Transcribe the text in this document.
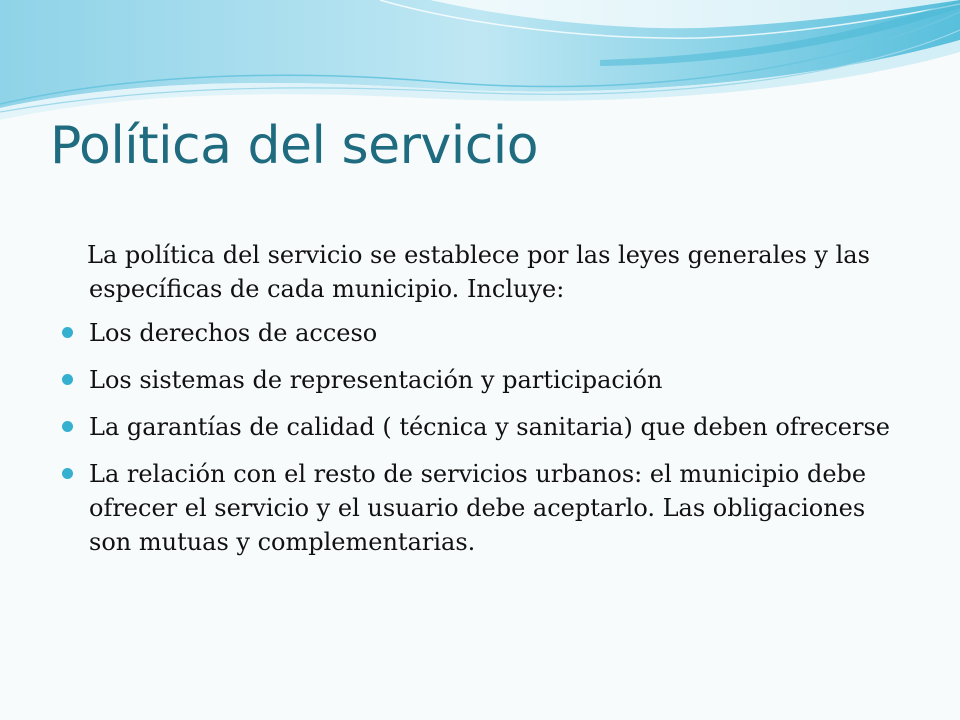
Política del servicio

La política del servicio se establece por las leyes generales y las específicas de cada municipio. Incluye:

Los derechos de acceso
Los sistemas de representación y participación
La garantías de calidad ( técnica y sanitaria) que deben ofrecerse
La relación con el resto de servicios urbanos: el municipio debe ofrecer el servicio y el usuario debe aceptarlo. Las obligaciones son mutuas y complementarias.
